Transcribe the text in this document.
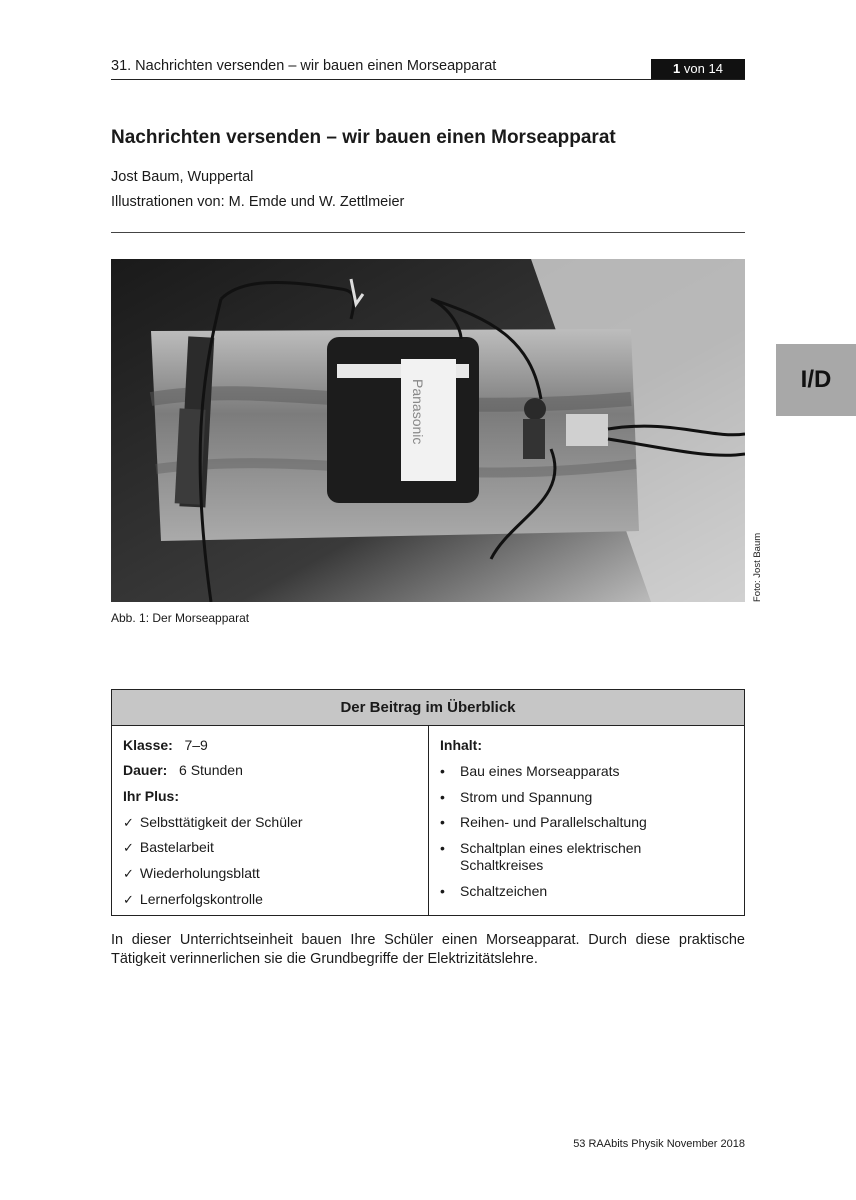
31. Nachrichten versenden – wir bauen einen Morseapparat	1 von 14
Nachrichten versenden – wir bauen einen Morseapparat
Jost Baum, Wuppertal
Illustrationen von: M. Emde und W. Zettlmeier
Panasonic
Abb. 1: Der Morseapparat
Foto: Jost Baum
I/D
Der Beitrag im Überblick
Klasse: 7–9
Dauer: 6 Stunden
Ihr Plus:
✓ Selbsttätigkeit der Schüler
✓ Bastelarbeit
✓ Wiederholungsblatt
✓ Lernerfolgskontrolle
Inhalt:
• Bau eines Morseapparats
• Strom und Spannung
• Reihen- und Parallelschaltung
• Schaltplan eines elektrischen
Schaltkreises
• Schaltzeichen
In dieser Unterrichtseinheit bauen Ihre Schüler einen Morseapparat. Durch diese praktische Tätigkeit verinnerlichen sie die Grundbegriffe der Elektrizitätslehre.
53 RAAbits Physik November 2018
